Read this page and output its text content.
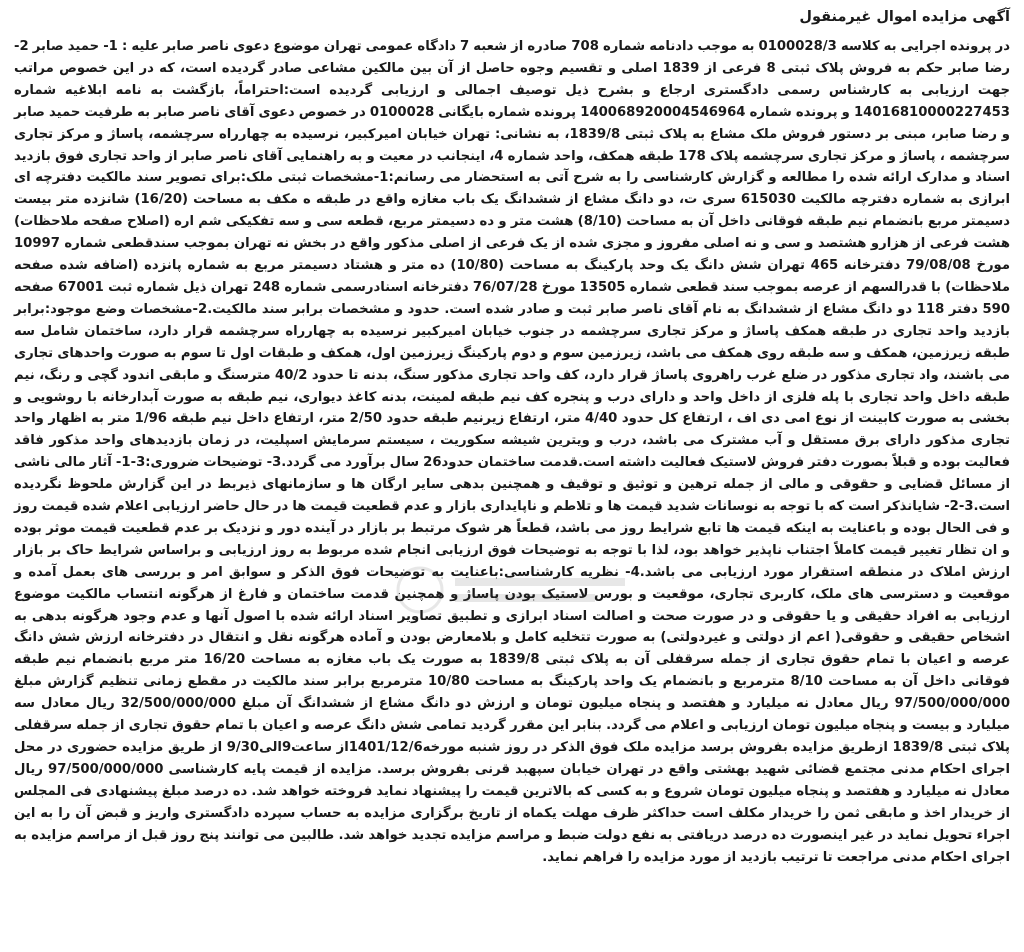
آگهی مزایده اموال غیرمنقول

در پرونده اجرایی به کلاسه 0100028/3 به موجب دادنامه شماره 708 صادره از شعبه 7 دادگاه عمومی تهران موضوع دعوی ناصر صابر علیه : 1- حمید صابر 2- رضا صابر حکم به فروش پلاک ثبتی 8 فرعی از 1839 اصلی و تقسیم وجوه حاصل از آن بین مالکین مشاعی صادر گردیده است، که در این خصوص مراتب جهت ارزیابی به کارشناس رسمی دادگستری ارجاع و بشرح ذیل توصیف اجمالی و ارزیابی گردیده است:احتراماً، بازگشت به نامه ابلاغیه شماره 14016810000227453 و پرونده شماره 140068920004546964 پرونده شماره بایگانی 0100028 در خصوص دعوی آقای ناصر صابر به طرفیت حمید صابر و رضا صابر، مبنی بر دستور فروش ملک مشاع به پلاک ثبتی 1839/8، به نشانی: تهران خیابان امیرکبیر، نرسیده به چهارراه سرچشمه، پاساژ و مرکز تجاری سرچشمه ، پاساژ و مرکز تجاری سرچشمه پلاک 178 طبقه همکف، واحد شماره 4، اینجانب در معیت و به راهنمایی آقای ناصر صابر از واحد تجاری فوق بازدید اسناد و مدارک ارائه شده را مطالعه و گزارش کارشناسی را به شرح آتی به استحضار می رسانم:1-مشخصات ثبتی ملک:برای تصویر سند مالکیت دفترچه ای ابرازی به شماره دفترچه مالکیت 615030 سری ت، دو دانگ مشاع از ششدانگ یک باب مغازه واقع در طبقه ه مکف به مساحت (16/20) شانزده متر بیست دسیمتر مربع بانضمام نیم طبقه فوقانی داخل آن به مساحت (8/10) هشت متر و ده دسیمتر مربع، قطعه سی و سه تفکیکی شم اره (اصلاح صفحه ملاحظات) هشت فرعی از هزارو هشتصد و سی و نه اصلی مفروز و مجزی شده از یک فرعی از اصلی مذکور واقع در بخش نه تهران بموجب سندقطعی شماره 10997 مورخ 79/08/08 دفترخانه 465 تهران شش دانگ یک وحد پارکینگ به مساحت (10/80) ده متر و هشتاد دسیمتر مربع به شماره پانزده (اضافه شده صفحه ملاحظات) با قدرالسهم از عرصه بموجب سند قطعی شماره 13505 مورخ 76/07/28 دفترخانه اسنادرسمی شماره 248 تهران ذیل شماره ثبت 67001 صفحه 590 دفتر 118 دو دانگ مشاع از ششدانگ به نام آقای ناصر صابر ثبت و صادر شده است. حدود و مشخصات برابر سند مالکیت.2-مشخصات وضع موجود:برابر بازدید واحد تجاری در طبقه همکف پاساژ و مرکز تجاری سرچشمه در جنوب خیابان امیرکبیر نرسیده به چهارراه سرچشمه قرار دارد، ساختمان شامل سه طبقه زیرزمین، همکف و سه طبقه روی همکف می باشد، زیرزمین سوم و دوم پارکینگ زیرزمین اول، همکف و طبقات اول تا سوم به صورت واحدهای تجاری می باشند، واد تجاری مذکور در ضلع غرب راهروی پاساژ قرار دارد، کف واحد تجاری مذکور سنگ، بدنه تا حدود 40/2 مترسنگ و مابقی اندود گچی و رنگ، نیم طبقه داخل واحد تجاری با پله فلزی از داخل واحد و دارای درب و پنجره کف نیم طبقه لمینت، بدنه کاغذ دیواری، نیم طبقه به صورت آبدارخانه با روشویی و بخشی به صورت کابینت از نوع امی دی اف ، ارتفاع کل حدود 4/40 متر، ارتفاع زیرنیم طبقه حدود 2/50 متر، ارتفاع داخل نیم طبقه 1/96 متر به اظهار واحد تجاری مذکور دارای برق مستقل و آب مشترک می باشد، درب و ویترین شیشه سکوریت ، سیستم سرمایش اسپلیت، در زمان بازدیدهای واحد مذکور فاقد فعالیت بوده و قبلاً بصورت دفتر فروش لاستیک فعالیت داشته است.قدمت ساختمان حدود26 سال برآورد می گردد.3- توضیحات ضروری:3-1- آثار مالی ناشی از مسائل قضایی و حقوقی و مالی از جمله ترهین و توثیق و توقیف و همچنین بدهی سایر ارگان ها و سازمانهای ذیربط در این گزارش ملحوظ نگردیده است.3-2- شایانذکر است که با توجه به نوسانات شدید قیمت ها و تلاطم و ناپایداری بازار و عدم قطعیت قیمت ها در حال حاضر ارزیابی اعلام شده قیمت روز و فی الحال بوده و باعنایت به اینکه قیمت ها تابع شرایط روز می باشد، قطعاً هر شوک مرتبط بر بازار در آینده دور و نزدیک بر عدم قطعیت قیمت موثر بوده و ان تظار تغییر قیمت کاملاً اجتناب ناپذیر خواهد بود، لذا با توجه به توضیحات فوق ارزیابی انجام شده مربوط به روز ارزیابی و براساس شرایط حاک بر بازار ارزش املاک در منطقه استقرار مورد ارزیابی می باشد.4- نظریه کارشناسی:باعنایت به توضیحات فوق الذکر و سوابق امر و بررسی های بعمل آمده و موقعیت و دسترسی های ملک، کاربری تجاری، موقعیت و بورس لاستیک بودن پاساژ و همچنین قدمت ساختمان و فارغ از هرگونه انتساب مالکیت موضوع ارزیابی به افراد حقیقی و یا حقوقی و در صورت صحت و اصالت اسناد ابرازی و تطبیق تصاویر اسناد ارائه شده با اصول آنها و عدم وجود هرگونه بدهی به اشخاص حقیقی و حقوقی( اعم از دولتی و غیردولتی) به صورت تتخلیه کامل و بلامعارض بودن و آماده هرگونه نقل و انتقال در دفترخانه ارزش شش دانگ عرصه و اعیان با تمام حقوق تجاری از جمله سرقفلی آن به پلاک ثبتی 1839/8 به صورت یک باب مغازه به مساحت 16/20 متر مربع بانضمام نیم طبقه فوقانی داخل آن به مساحت 8/10 مترمربع و بانضمام یک واحد پارکینگ به مساحت 10/80 مترمربع برابر سند مالکیت در مقطع زمانی تنظیم گزارش مبلغ 97/500/000/000 ریال معادل نه میلیارد و هفتصد و پنجاه میلیون تومان و ارزش دو دانگ مشاع از ششدانگ آن مبلغ 32/500/000/000 ریال معادل سه میلیارد و بیست و پنجاه میلیون تومان ارزیابی و اعلام می گردد. بنابر این مقرر گردید تمامی شش دانگ عرصه و اعیان با تمام حقوق تجاری از جمله سرقفلی پلاک ثبتی 1839/8 ازطریق مزایده بفروش برسد مزایده ملک فوق الذکر در روز شنبه مورخه1401/12/6از ساعت9الی9/30 از طریق مزایده حضوری در محل اجرای احکام مدنی مجتمع قضائی شهید بهشتی واقع در تهران خیابان سپهبد قرنی بفروش برسد. مزایده از قیمت پایه کارشناسی 97/500/000/000 ریال معادل نه میلیارد و هفتصد و پنجاه میلیون تومان شروع و به کسی که بالاترین قیمت را پیشنهاد نماید فروخته خواهد شد. ده درصد مبلغ پیشنهادی فی المجلس از خریدار اخذ و مابقی ثمن را خریدار مکلف است حداکثر ظرف مهلت یکماه از تاریخ برگزاری مزایده به حساب سپرده دادگستری واریز و قبض آن را به این اجراء تحویل نماید در غیر اینصورت ده درصد دریافتی به نفع دولت ضبط و مراسم مزایده تجدید خواهد شد. طالبین می توانند پنج روز قبل از مراسم مزایده به اجرای احکام مدنی مراجعت تا ترتیب بازدید از مورد مزایده را فراهم نماید.
